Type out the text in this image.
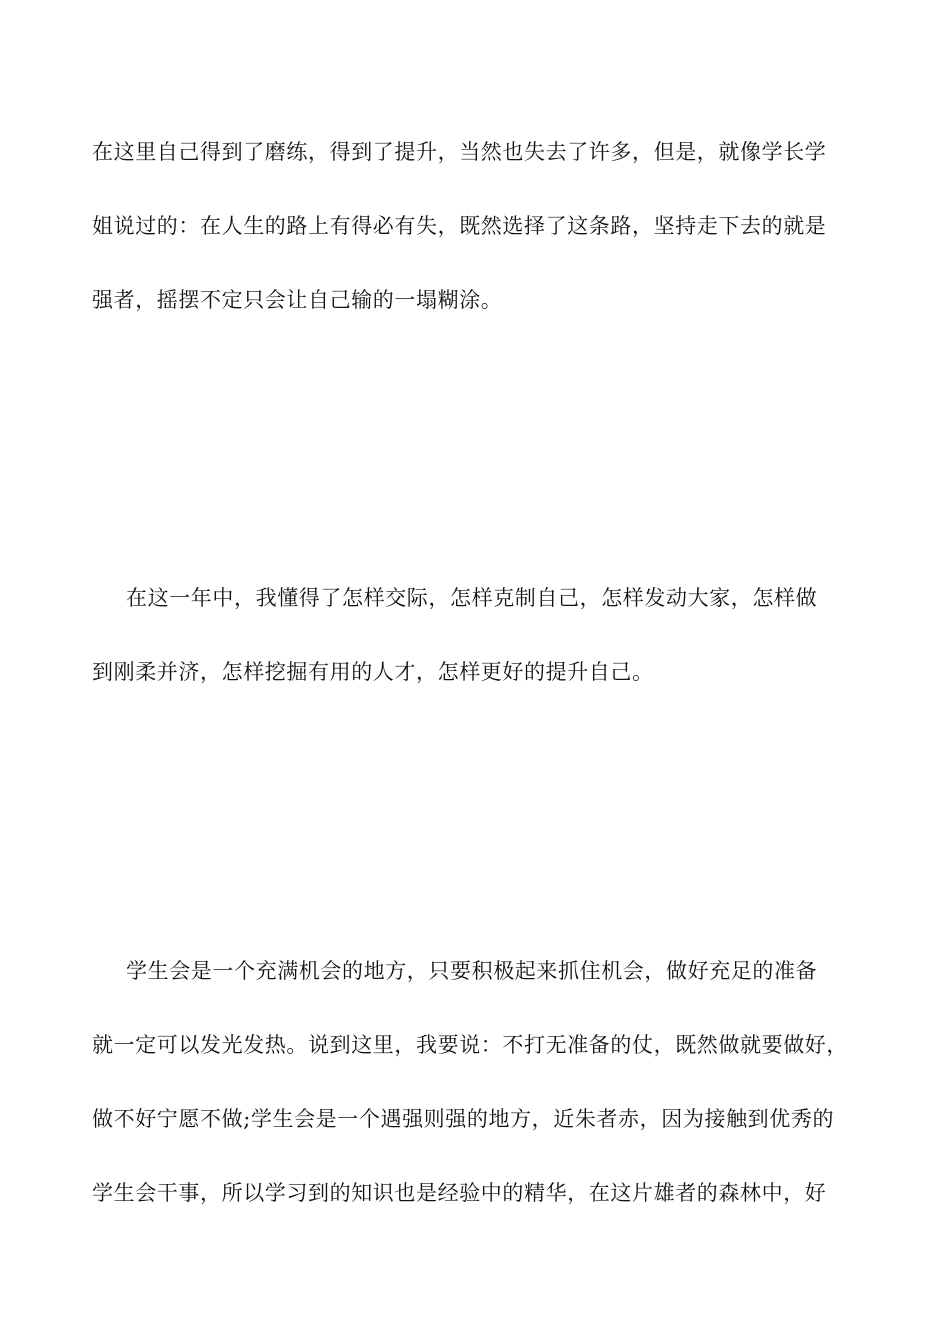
在这里自己得到了磨练，得到了提升，当然也失去了许多，但是，就像学长学
姐说过的：在人生的路上有得必有失，既然选择了这条路，坚持走下去的就是
强者，摇摆不定只会让自己输的一塌糊涂。
在这一年中，我懂得了怎样交际，怎样克制自己，怎样发动大家，怎样做
到刚柔并济，怎样挖掘有用的人才，怎样更好的提升自己。
学生会是一个充满机会的地方，只要积极起来抓住机会，做好充足的准备
就一定可以发光发热。说到这里，我要说：不打无准备的仗，既然做就要做好，
做不好宁愿不做;学生会是一个遇强则强的地方，近朱者赤，因为接触到优秀的
学生会干事，所以学习到的知识也是经验中的精华，在这片雄者的森林中，好
